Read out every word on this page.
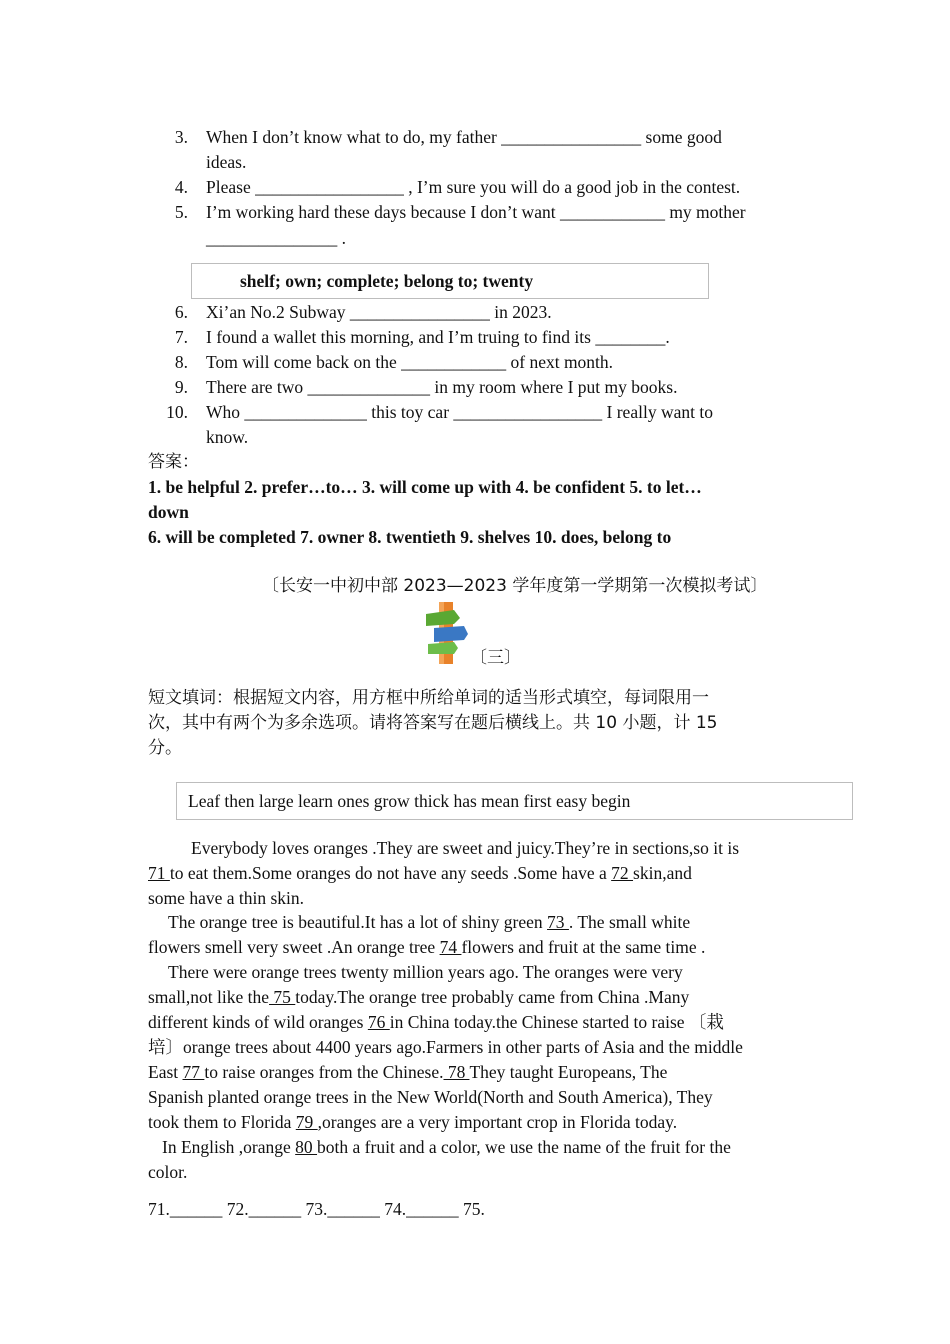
3. When I don’t know what to do, my father ________________ some good
ideas.
4. Please _________________ , I’m sure you will do a good job in the contest.
5. I’m working hard these days because I don’t want ____________ my mother
_______________ .
shelf; own; complete; belong to; twenty
6. Xi’an No.2 Subway ________________ in 2023.
7. I found a wallet this morning, and I’m truing to find its ________.
8. Tom will come back on the ____________ of next month.
9. There are two ______________ in my room where I put my books.
10. Who ______________ this toy car _________________ I really want to
know.
答案：
1. be helpful 2. prefer…to… 3. will come up with 4. be confident 5. to let…
down
6. will be completed 7. owner 8. twentieth 9. shelves 10. does, belong to
〔长安一中初中部 2023—2023 学年度第一学期第一次模拟考试〕
〔三〕
短文填词：根据短文内容，用方框中所给单词的适当形式填空，每词限用一
次，其中有两个为多余选项。请将答案写在题后横线上。共 10 小题，计 15
分。
Leaf then large learn ones grow thick has mean first easy begin
Everybody loves oranges .They are sweet and juicy.They’re in sections,so it is
71 to eat them.Some oranges do not have any seeds .Some have a 72 skin,and
some have a thin skin.
The orange tree is beautiful.It has a lot of shiny green 73 . The small white
flowers smell very sweet .An orange tree 74 flowers and fruit at the same time .
There were orange trees twenty million years ago. The oranges were very
small,not like the 75 today.The orange tree probably came from China .Many
different kinds of wild oranges 76 in China today.the Chinese started to raise 〔栽
培〕orange trees about 4400 years ago.Farmers in other parts of Asia and the middle
East 77 to raise oranges from the Chinese. 78 They taught Europeans, The
Spanish planted orange trees in the New World(North and South America), They
took them to Florida 79 ,oranges are a very important crop in Florida today.
In English ,orange 80 both a fruit and a color, we use the name of the fruit for the
color.
71.______ 72.______ 73.______ 74.______ 75.
